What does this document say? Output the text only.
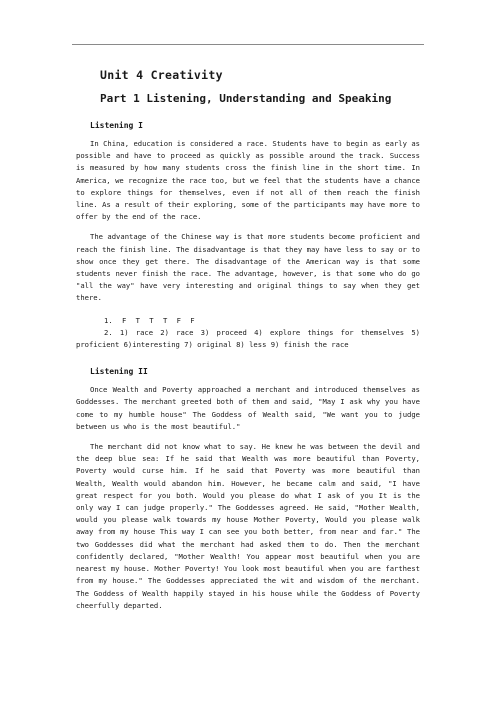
Unit 4 Creativity
Part 1 Listening, Understanding and Speaking
Listening I

In China, education is considered a race. Students have to begin as early as possible and have to proceed as quickly as possible around the track. Success is measured by how many students cross the finish line in the short time. In America, we recognize the race too, but we feel that the students have a chance to explore things for themselves, even if not all of them reach the finish line. As a result of their exploring, some of the participants may have more to offer by the end of the race.

The advantage of the Chinese way is that more students become proficient and reach the finish line. The disadvantage is that they may have less to say or to show once they get there. The disadvantage of the American way is that some students never finish the race. The advantage, however, is that some who do go "all the way" have very interesting and original things to say when they get there.

1. F T T T F F
2. 1) race 2) race 3) proceed 4) explore things for themselves 5) proficient 6)interesting 7) original 8) less 9) finish the race
Listening II

Once Wealth and Poverty approached a merchant and introduced themselves as Goddesses. The merchant greeted both of them and said, "May I ask why you have come to my humble house" The Goddess of Wealth said, "We want you to judge between us who is the most beautiful."

The merchant did not know what to say. He knew he was between the devil and the deep blue sea: If he said that Wealth was more beautiful than Poverty, Poverty would curse him. If he said that Poverty was more beautiful than Wealth, Wealth would abandon him. However, he became calm and said, "I have great respect for you both. Would you please do what I ask of you It is the only way I can judge properly." The Goddesses agreed. He said, "Mother Wealth, would you please walk towards my house Mother Poverty, Would you please walk away from my house This way I can see you both better, from near and far." The two Goddesses did what the merchant had asked them to do. Then the merchant confidently declared, "Mother Wealth! You appear most beautiful when you are nearest my house. Mother Poverty! You look most beautiful when you are farthest from my house." The Goddesses appreciated the wit and wisdom of the merchant. The Goddess of Wealth happily stayed in his house while the Goddess of Poverty cheerfully departed.
